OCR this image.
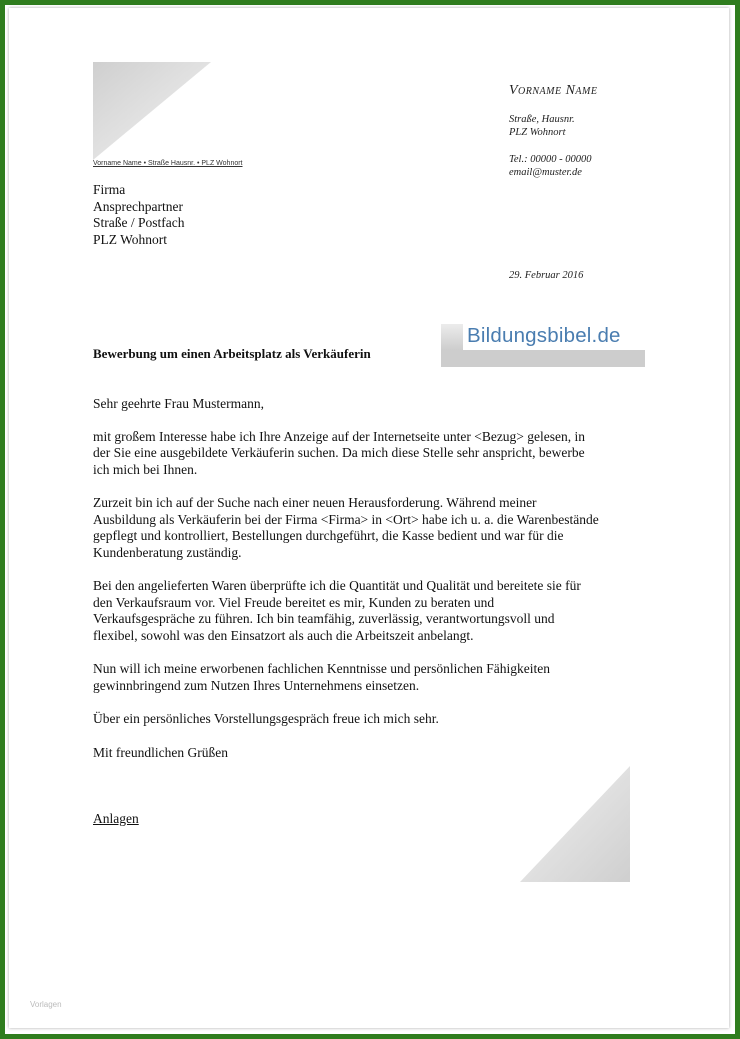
Vorname Name
Straße, Hausnr.
PLZ Wohnort
Tel.: 00000 - 00000
email@muster.de
Vorname Name • Straße Hausnr. • PLZ Wohnort
Firma
Ansprechpartner
Straße / Postfach
PLZ Wohnort
29. Februar 2016
Bildungsbibel.de
Bewerbung um einen Arbeitsplatz als Verkäuferin

Sehr geehrte Frau Mustermann,

mit großem Interesse habe ich Ihre Anzeige auf der Internetseite unter <Bezug> gelesen, in
der Sie eine ausgebildete Verkäuferin suchen. Da mich diese Stelle sehr anspricht, bewerbe
ich mich bei Ihnen.

Zurzeit bin ich auf der Suche nach einer neuen Herausforderung. Während meiner
Ausbildung als Verkäuferin bei der Firma <Firma> in <Ort> habe ich u. a. die Warenbestände
gepflegt und kontrolliert, Bestellungen durchgeführt, die Kasse bedient und war für die
Kundenberatung zuständig.

Bei den angelieferten Waren überprüfte ich die Quantität und Qualität und bereitete sie für
den Verkaufsraum vor. Viel Freude bereitet es mir, Kunden zu beraten und
Verkaufsgespräche zu führen. Ich bin teamfähig, zuverlässig, verantwortungsvoll und
flexibel, sowohl was den Einsatzort als auch die Arbeitszeit anbelangt.

Nun will ich meine erworbenen fachlichen Kenntnisse und persönlichen Fähigkeiten
gewinnbringend zum Nutzen Ihres Unternehmens einsetzen.

Über ein persönliches Vorstellungsgespräch freue ich mich sehr.

Mit freundlichen Grüßen

Anlagen

Vorlagen
